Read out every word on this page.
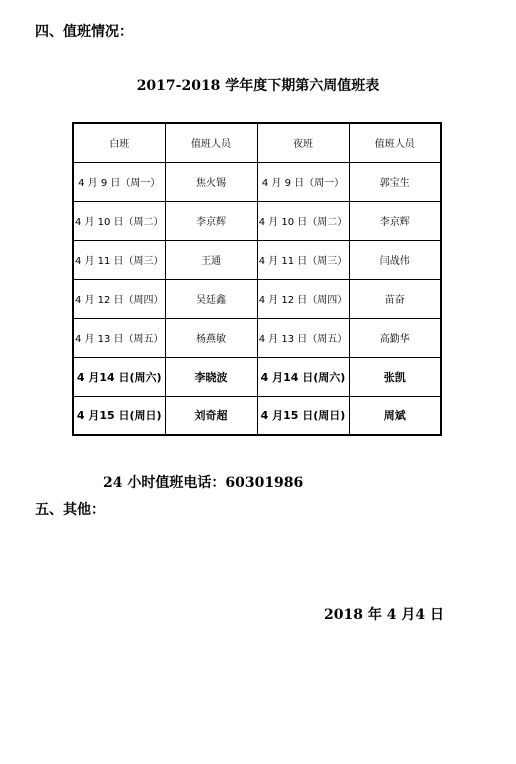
四、值班情况：
2017-2018 学年度下期第六周值班表
白班	值班人员	夜班	值班人员
4 月 9 日（周一）	焦火锡	4 月 9 日（周一）	郭宝生
4 月 10 日（周二）	李京辉	4 月 10 日（周二）	李京辉
4 月 11 日（周三）	王通	4 月 11 日（周三）	闫战伟
4 月 12 日（周四）	吴廷鑫	4 月 12 日（周四）	苗奋
4 月 13 日（周五）	杨燕敏	4 月 13 日（周五）	高勤华
4 月14 日(周六)	李晓波	4 月14 日(周六)	张凯
4 月15 日(周日)	刘奇超	4 月15 日(周日)	周斌
24 小时值班电话：60301986
五、其他：
2018 年 4 月4 日
